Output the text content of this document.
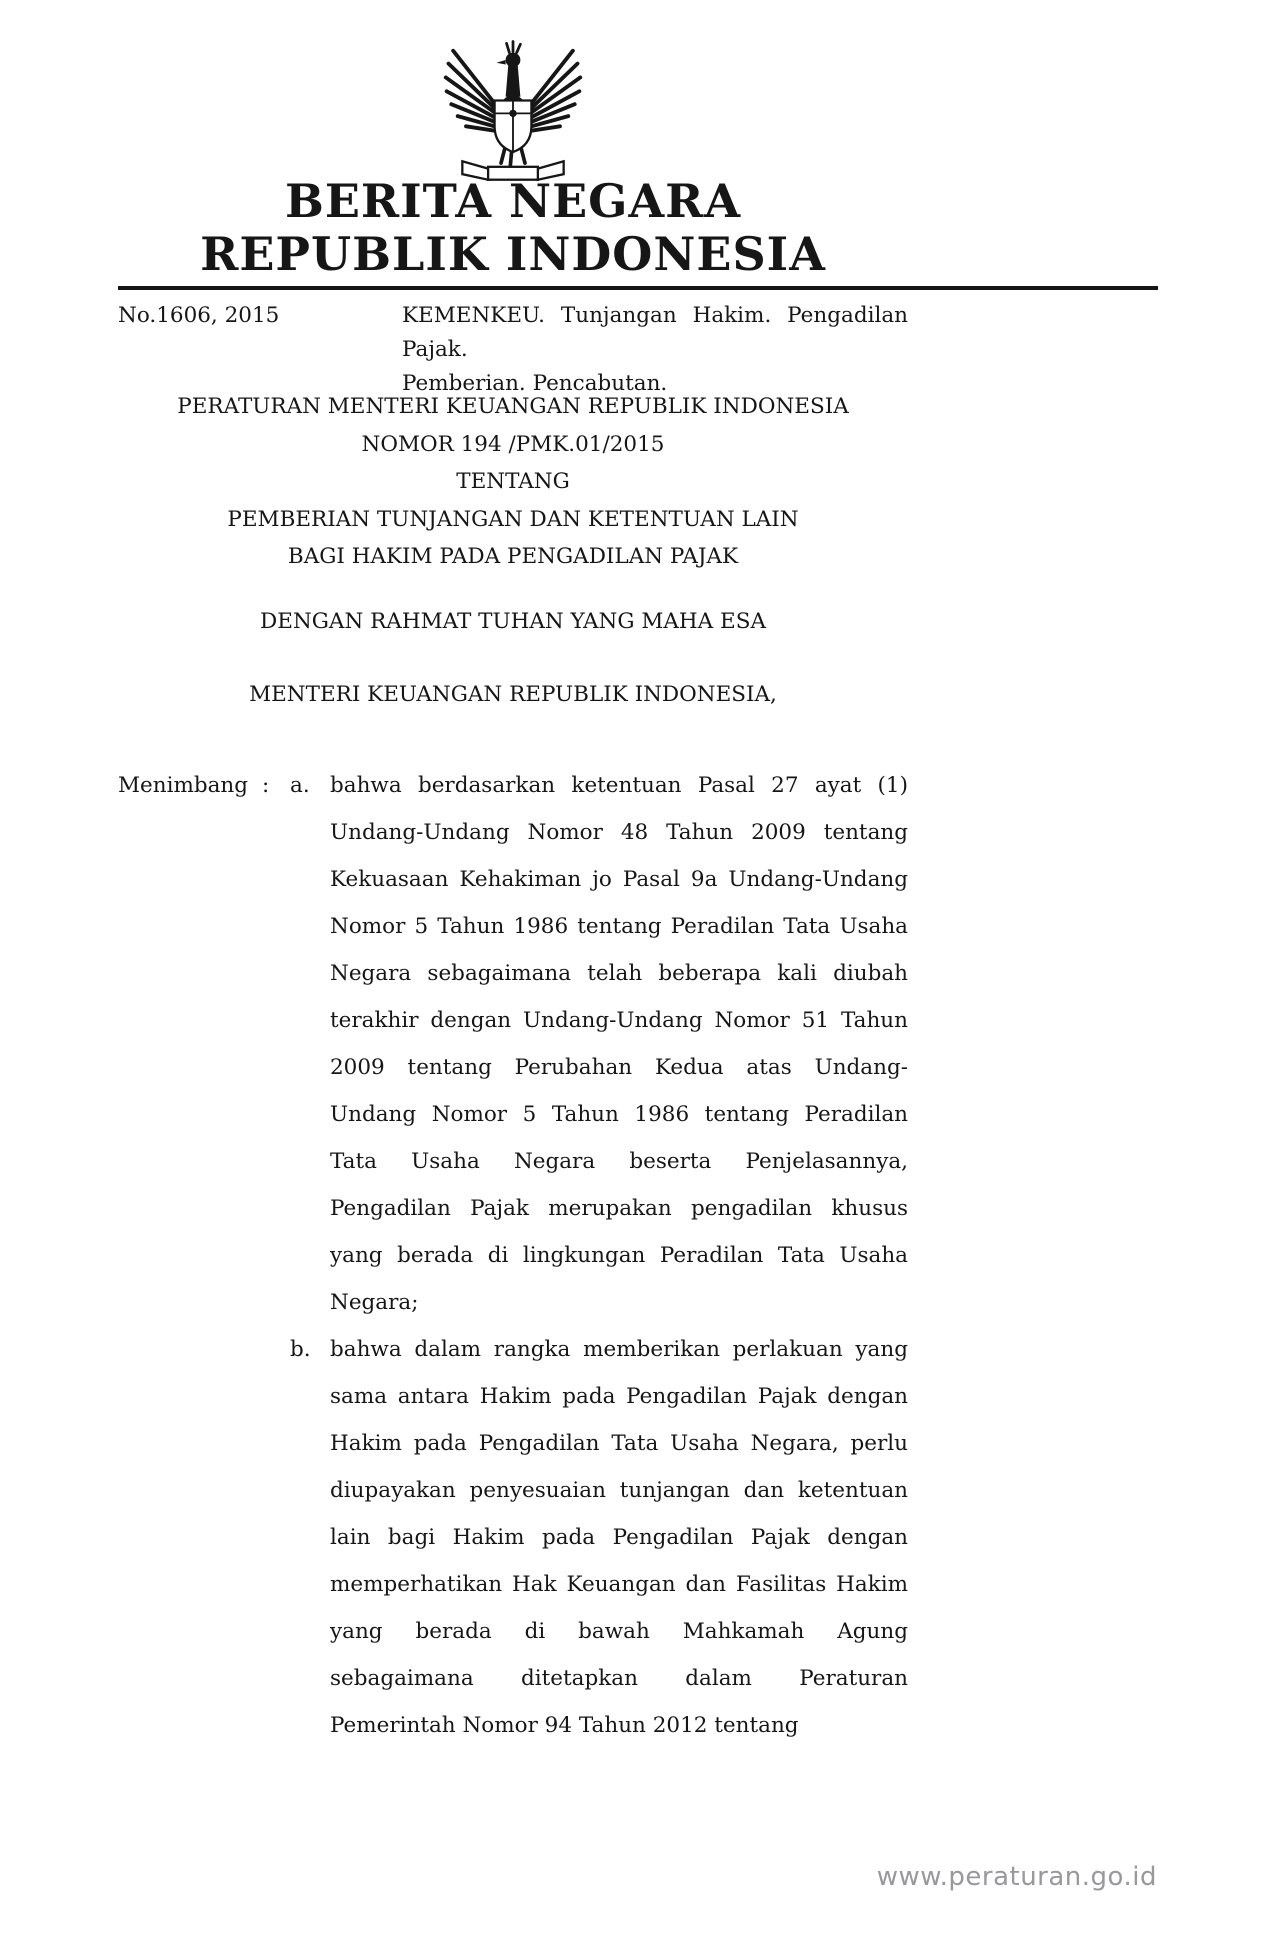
BERITA NEGARA
REPUBLIK INDONESIA
No.1606, 2015	KEMENKEU. Tunjangan Hakim. Pengadilan Pajak.
Pemberian. Pencabutan.
PERATURAN MENTERI KEUANGAN REPUBLIK INDONESIA
NOMOR 194 /PMK.01/2015
TENTANG
PEMBERIAN TUNJANGAN DAN KETENTUAN LAIN
BAGI HAKIM PADA PENGADILAN PAJAK
DENGAN RAHMAT TUHAN YANG MAHA ESA
MENTERI KEUANGAN REPUBLIK INDONESIA,
Menimbang : a. bahwa berdasarkan ketentuan Pasal 27 ayat (1) Undang-Undang Nomor 48 Tahun 2009 tentang Kekuasaan Kehakiman jo Pasal 9a Undang-Undang Nomor 5 Tahun 1986 tentang Peradilan Tata Usaha Negara sebagaimana telah beberapa kali diubah terakhir dengan Undang-Undang Nomor 51 Tahun 2009 tentang Perubahan Kedua atas Undang-Undang Nomor 5 Tahun 1986 tentang Peradilan Tata Usaha Negara beserta Penjelasannya, Pengadilan Pajak merupakan pengadilan khusus yang berada di lingkungan Peradilan Tata Usaha Negara;
b. bahwa dalam rangka memberikan perlakuan yang sama antara Hakim pada Pengadilan Pajak dengan Hakim pada Pengadilan Tata Usaha Negara, perlu diupayakan penyesuaian tunjangan dan ketentuan lain bagi Hakim pada Pengadilan Pajak dengan memperhatikan Hak Keuangan dan Fasilitas Hakim yang berada di bawah Mahkamah Agung sebagaimana ditetapkan dalam Peraturan Pemerintah Nomor 94 Tahun 2012 tentang
www.peraturan.go.id
